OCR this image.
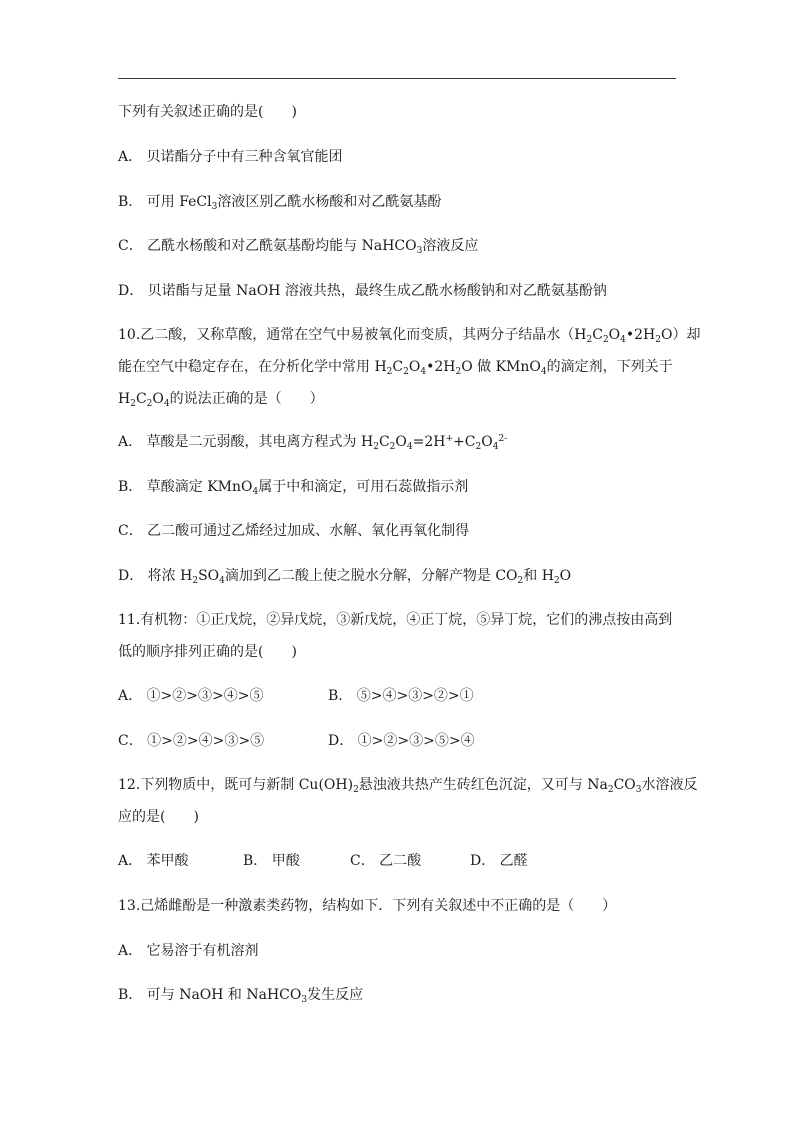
下列有关叙述正确的是(　　)
A． 贝诺酯分子中有三种含氧官能团
B． 可用 FeCl$_3$溶液区别乙酰水杨酸和对乙酰氨基酚
C． 乙酰水杨酸和对乙酰氨基酚均能与 NaHCO$_3$溶液反应
D． 贝诺酯与足量 NaOH 溶液共热，最终生成乙酰水杨酸钠和对乙酰氨基酚钠
10.乙二酸，又称草酸，通常在空气中易被氧化而变质，其两分子结晶水$(H_2C_2O_4•2H_2O)$却
能在空气中稳定存在，在分析化学中常用 $H_2C_2O_4•2H_2O$ 做 KMnO$_4$的滴定剂，下列关于
$H_2C_2O_4$的说法正确的是（　　）
A． 草酸是二元弱酸，其电离方程式为 $H_2C_2O_4=2H^++C_2O_4^{2-}$
B． 草酸滴定 KMnO$_4$属于中和滴定，可用石蕊做指示剂
C． 乙二酸可通过乙烯经过加成、水解、氧化再氧化制得
D． 将浓 $H_2SO_4$滴加到乙二酸上使之脱水分解，分解产物是 $CO_2$和 $H_2O$
11.有机物：①正戊烷，②异戊烷，③新戊烷，④正丁烷，⑤异丁烷，它们的沸点按由高到
低的顺序排列正确的是(　　)
A． ①>②>③>④>⑤	B． ⑤>④>③>②>①
C． ①>②>④>③>⑤	D． ①>②>③>⑤>④
12.下列物质中，既可与新制 $Cu(OH)_2$悬浊液共热产生砖红色沉淀，又可与 $Na_2CO_3$水溶液反
应的是(　　)
A． 苯甲酸	B． 甲酸	C． 乙二酸	D． 乙醛
13.己烯雌酚是一种激素类药物，结构如下．下列有关叙述中不正确的是（　　）
A． 它易溶于有机溶剂
B． 可与 NaOH 和 NaHCO$_3$发生反应
